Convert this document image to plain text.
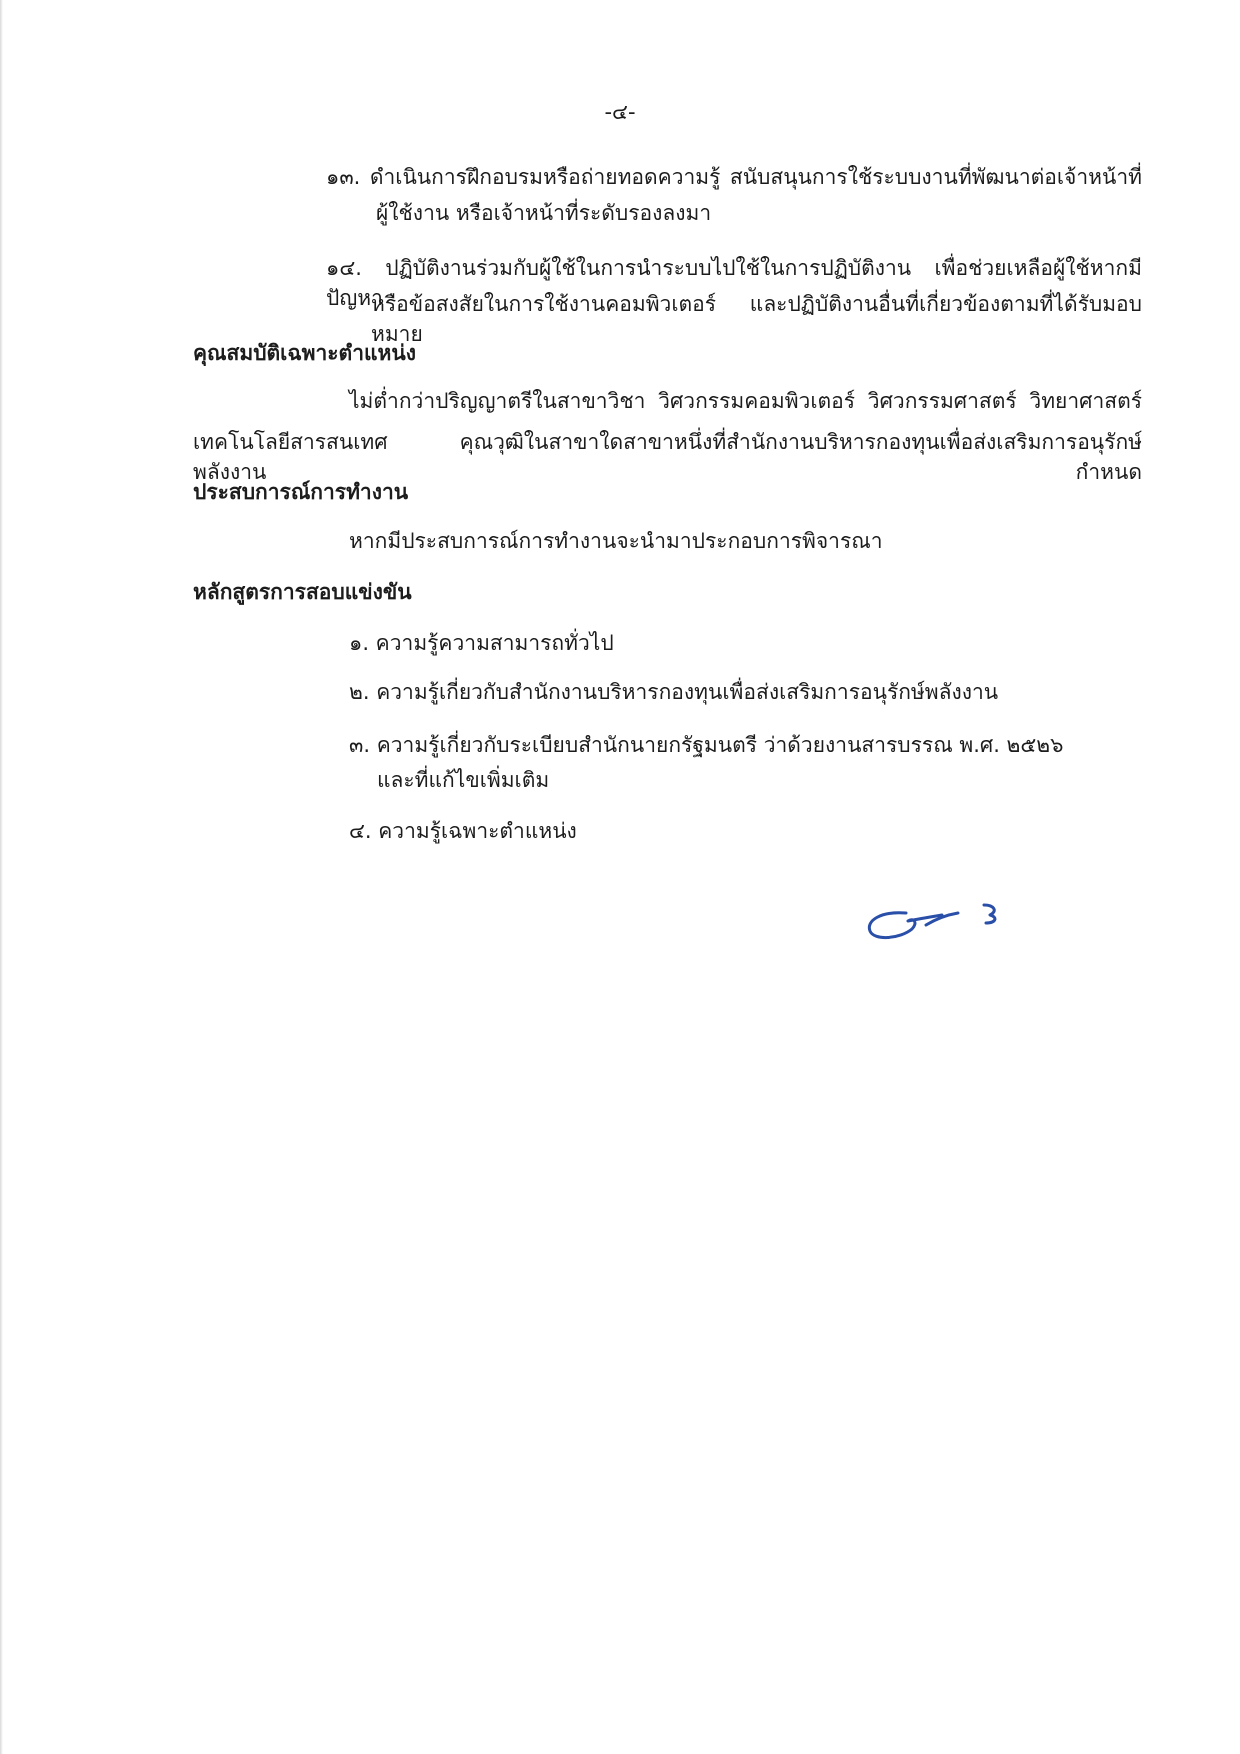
-๔-
๑๓. ดำเนินการฝึกอบรมหรือถ่ายทอดความรู้ สนับสนุนการใช้ระบบงานที่พัฒนาต่อเจ้าหน้าที่
ผู้ใช้งาน หรือเจ้าหน้าที่ระดับรองลงมา
๑๔. ปฏิบัติงานร่วมกับผู้ใช้ในการนำระบบไปใช้ในการปฏิบัติงาน เพื่อช่วยเหลือผู้ใช้หากมีปัญหา
หรือข้อสงสัยในการใช้งานคอมพิวเตอร์ และปฏิบัติงานอื่นที่เกี่ยวข้องตามที่ได้รับมอบหมาย
คุณสมบัติเฉพาะตำแหน่ง
ไม่ต่ำกว่าปริญญาตรีในสาขาวิชา วิศวกรรมคอมพิวเตอร์ วิศวกรรมศาสตร์ วิทยาศาสตร์
เทคโนโลยีสารสนเทศ คุณวุฒิในสาขาใดสาขาหนึ่งที่สำนักงานบริหารกองทุนเพื่อส่งเสริมการอนุรักษ์พลังงาน กำหนด
ประสบการณ์การทำงาน
หากมีประสบการณ์การทำงานจะนำมาประกอบการพิจารณา
หลักสูตรการสอบแข่งขัน
๑. ความรู้ความสามารถทั่วไป
๒. ความรู้เกี่ยวกับสำนักงานบริหารกองทุนเพื่อส่งเสริมการอนุรักษ์พลังงาน
๓. ความรู้เกี่ยวกับระเบียบสำนักนายกรัฐมนตรี ว่าด้วยงานสารบรรณ พ.ศ. ๒๕๒๖
และที่แก้ไขเพิ่มเติม
๔. ความรู้เฉพาะตำแหน่ง
